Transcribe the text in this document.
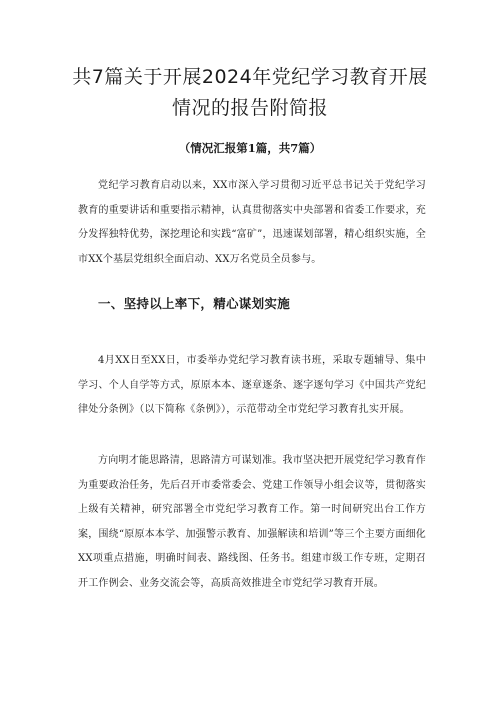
共7篇关于开展2024年党纪学习教育开展
情况的报告附简报
（情况汇报第1篇，共7篇）

党纪学习教育启动以来，XX市深入学习贯彻习近平总书记关于党纪学习教育的重要讲话和重要指示精神，认真贯彻落实中央部署和省委工作要求，充分发挥独特优势，深挖理论和实践“富矿”，迅速谋划部署，精心组织实施，全市XX个基层党组织全面启动、XX万名党员全员参与。

一、坚持以上率下，精心谋划实施

4月XX日至XX日，市委举办党纪学习教育读书班，采取专题辅导、集中学习、个人自学等方式，原原本本、逐章逐条、逐字逐句学习《中国共产党纪律处分条例》（以下简称《条例》），示范带动全市党纪学习教育扎实开展。

方向明才能思路清，思路清方可谋划准。我市坚决把开展党纪学习教育作为重要政治任务，先后召开市委常委会、党建工作领导小组会议等，贯彻落实上级有关精神，研究部署全市党纪学习教育工作。第一时间研究出台工作方案，围绕“原原本本学、加强警示教育、加强解读和培训”等三个主要方面细化XX项重点措施，明确时间表、路线图、任务书。组建市级工作专班，定期召开工作例会、业务交流会等，高质高效推进全市党纪学习教育开展。
